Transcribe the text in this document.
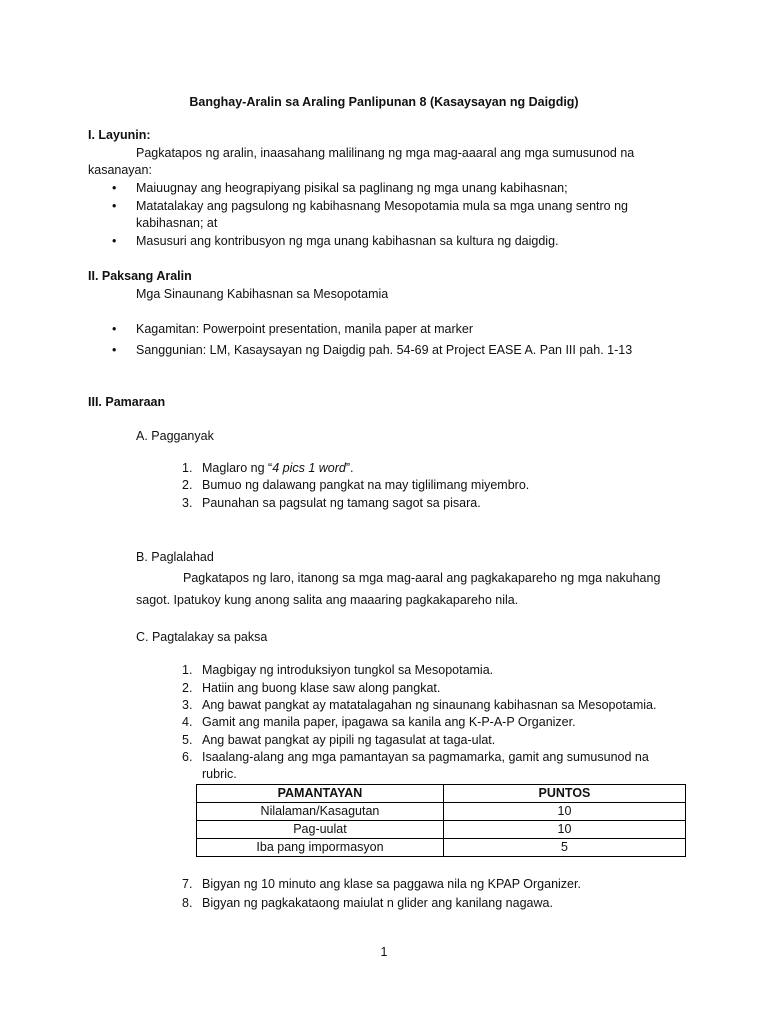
Banghay-Aralin sa Araling Panlipunan 8 (Kasaysayan ng Daigdig)
I. Layunin:
Pagkatapos ng aralin, inaasahang malilinang ng mga mag-aaaral ang mga sumusunod na
kasanayan:
• Maiuugnay ang heograpiyang pisikal sa paglinang ng mga unang kabihasnan;
• Matatalakay ang pagsulong ng kabihasnang Mesopotamia mula sa mga unang sentro ng
kabihasnan; at
• Masusuri ang kontribusyon ng mga unang kabihasnan sa kultura ng daigdig.
II. Paksang Aralin
Mga Sinaunang Kabihasnan sa Mesopotamia
• Kagamitan: Powerpoint presentation, manila paper at marker
• Sanggunian: LM, Kasaysayan ng Daigdig pah. 54-69 at Project EASE A. Pan III pah. 1-13
III. Pamaraan
A. Pagganyak
1. Maglaro ng “4 pics 1 word”.
2. Bumuo ng dalawang pangkat na may tiglilimang miyembro.
3. Paunahan sa pagsulat ng tamang sagot sa pisara.
B. Paglalahad
Pagkatapos ng laro, itanong sa mga mag-aaral ang pagkakapareho ng mga nakuhang
sagot. Ipatukoy kung anong salita ang maaaring pagkakapareho nila.
C. Pagtalakay sa paksa
1. Magbigay ng introduksiyon tungkol sa Mesopotamia.
2. Hatiin ang buong klase saw along pangkat.
3. Ang bawat pangkat ay matatalagahan ng sinaunang kabihasnan sa Mesopotamia.
4. Gamit ang manila paper, ipagawa sa kanila ang K-P-A-P Organizer.
5. Ang bawat pangkat ay pipili ng tagasulat at taga-ulat.
6. Isaalang-alang ang mga pamantayan sa pagmamarka, gamit ang sumusunod na
rubric.
PAMANTAYAN	PUNTOS
Nilalaman/Kasagutan	10
Pag-uulat	10
Iba pang impormasyon	5
7. Bigyan ng 10 minuto ang klase sa paggawa nila ng KPAP Organizer.
8. Bigyan ng pagkakataong maiulat n glider ang kanilang nagawa.
1
